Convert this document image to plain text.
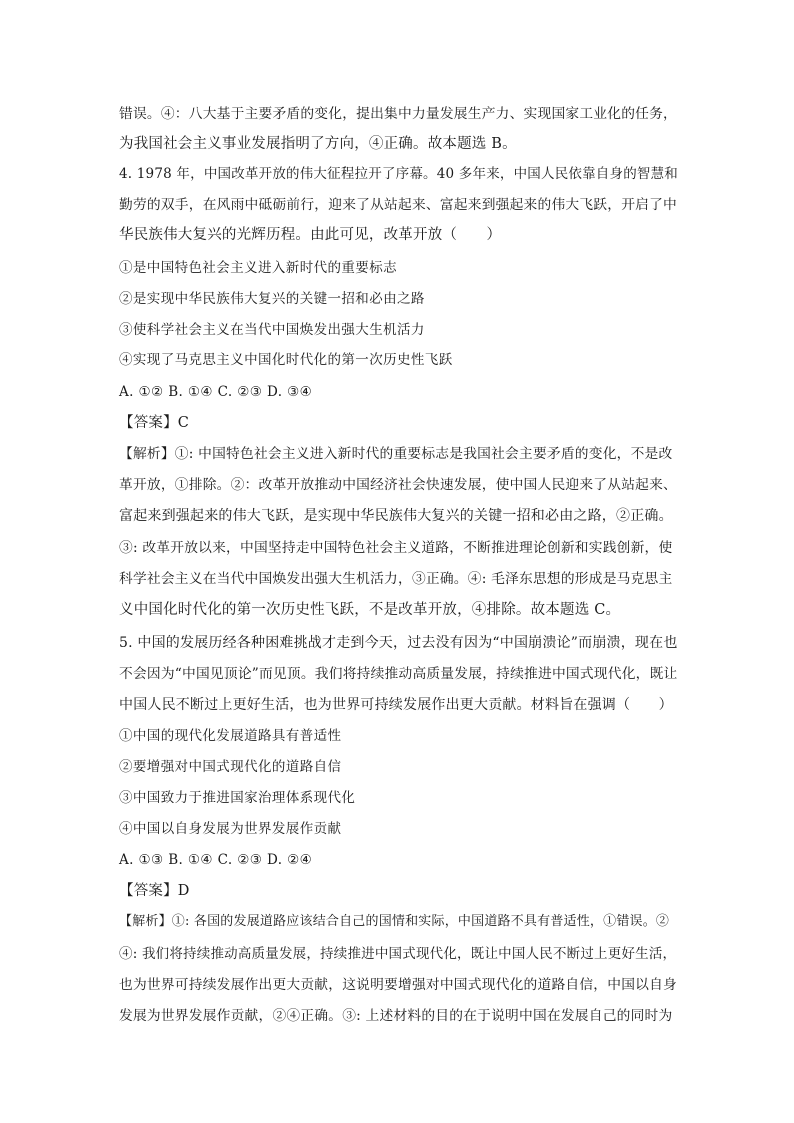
错误。④：八大基于主要矛盾的变化，提出集中力量发展生产力、实现国家工业化的任务，
为我国社会主义事业发展指明了方向，④正确。故本题选 B。
4. 1978 年，中国改革开放的伟大征程拉开了序幕。40 多年来，中国人民依靠自身的智慧和
勤劳的双手，在风雨中砥砺前行，迎来了从站起来、富起来到强起来的伟大飞跃，开启了中
华民族伟大复兴的光辉历程。由此可见，改革开放（　　）
①是中国特色社会主义进入新时代的重要标志
②是实现中华民族伟大复兴的关键一招和必由之路
③使科学社会主义在当代中国焕发出强大生机活力
④实现了马克思主义中国化时代化的第一次历史性飞跃
A. ①② B. ①④ C. ②③ D. ③④
【答案】C
【解析】①: 中国特色社会主义进入新时代的重要标志是我国社会主要矛盾的变化，不是改
革开放，①排除。②：改革开放推动中国经济社会快速发展，使中国人民迎来了从站起来、
富起来到强起来的伟大飞跃，是实现中华民族伟大复兴的关键一招和必由之路，②正确。
③: 改革开放以来，中国坚持走中国特色社会主义道路，不断推进理论创新和实践创新，使
科学社会主义在当代中国焕发出强大生机活力，③正确。④: 毛泽东思想的形成是马克思主
义中国化时代化的第一次历史性飞跃，不是改革开放，④排除。故本题选 C。
5. 中国的发展历经各种困难挑战才走到今天，过去没有因为“中国崩溃论”而崩溃，现在也
不会因为“中国见顶论”而见顶。我们将持续推动高质量发展，持续推进中国式现代化，既让
中国人民不断过上更好生活，也为世界可持续发展作出更大贡献。材料旨在强调（　　）
①中国的现代化发展道路具有普适性
②要增强对中国式现代化的道路自信
③中国致力于推进国家治理体系现代化
④中国以自身发展为世界发展作贡献
A. ①③ B. ①④ C. ②③ D. ②④
【答案】D
【解析】①: 各国的发展道路应该结合自己的国情和实际，中国道路不具有普适性，①错误。②
④: 我们将持续推动高质量发展，持续推进中国式现代化，既让中国人民不断过上更好生活，
也为世界可持续发展作出更大贡献，这说明要增强对中国式现代化的道路自信，中国以自身
发展为世界发展作贡献，②④正确。③: 上述材料的目的在于说明中国在发展自己的同时为
